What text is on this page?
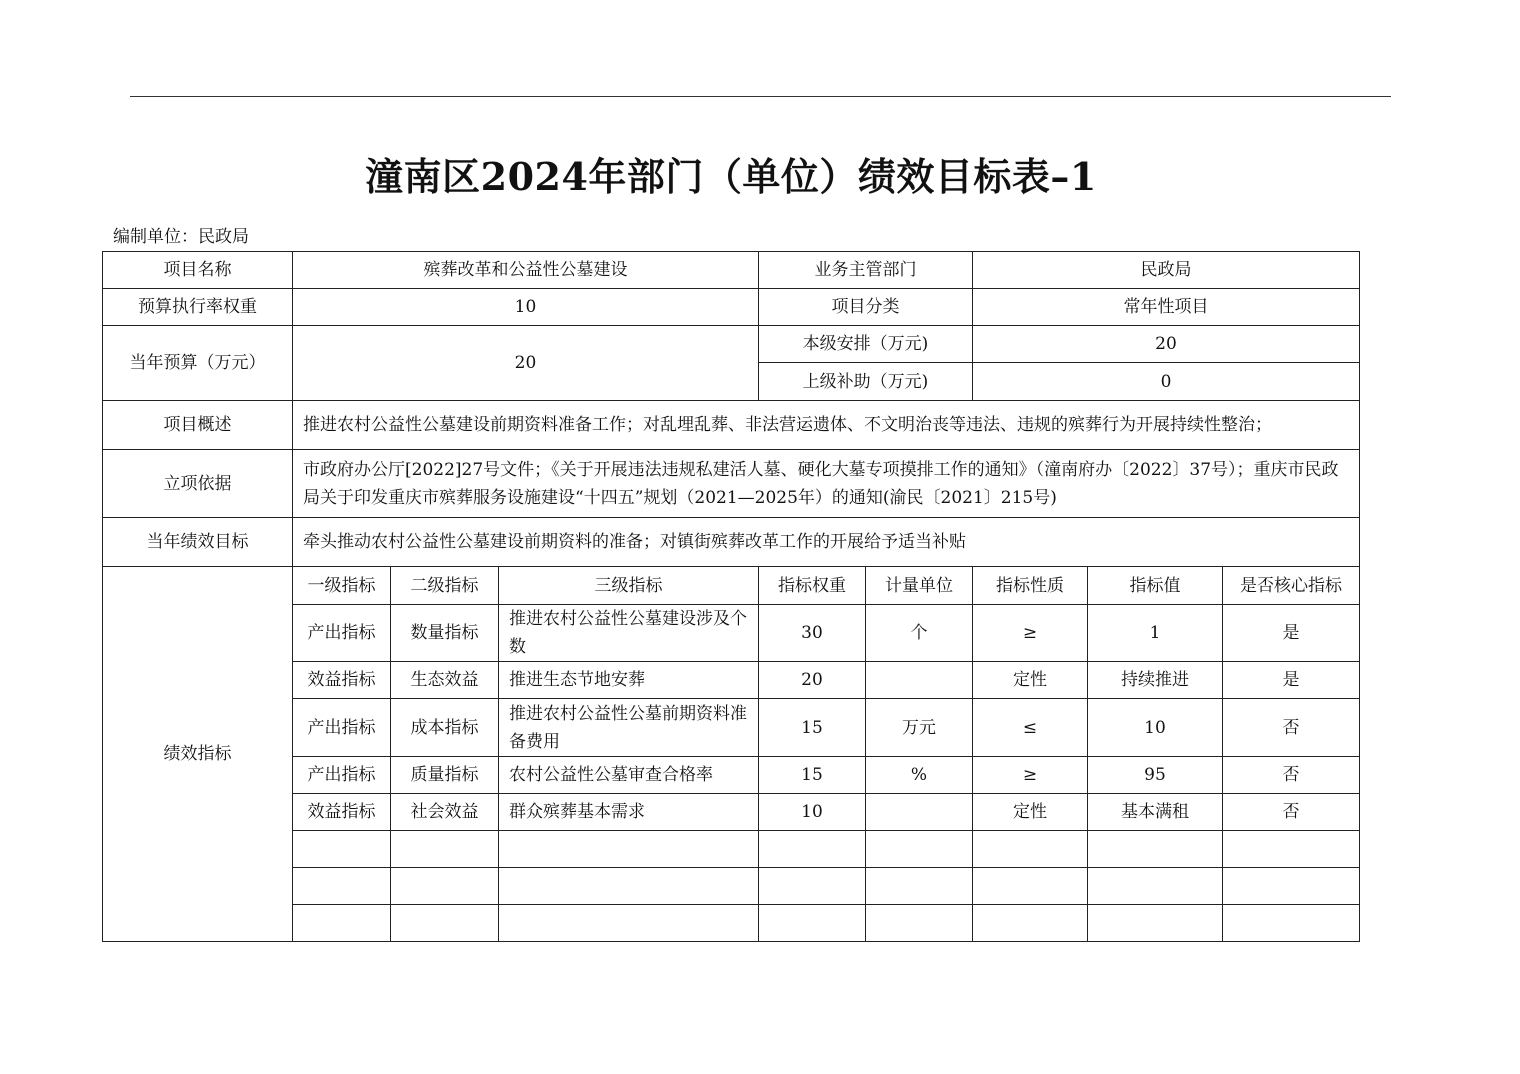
潼南区2024年部门（单位）绩效目标表–1
编制单位：民政局
项目名称	殡葬改革和公益性公墓建设			业务主管部门		民政局		
预算执行率权重	10			项目分类		常年性项目		
当年预算（万元）	20			本级安排（万元)		20		
				上级补助（万元)		0		
项目概述	推进农村公益性公墓建设前期资料准备工作；对乱埋乱葬、非法营运遗体、不文明治丧等违法、违规的殡葬行为开展持续性整治；							
立项依据	市政府办公厅[2022]27号文件；《关于开展违法违规私建活人墓、硬化大墓专项摸排工作的通知》（潼南府办〔2022〕37号）；重庆市民政局关于印发重庆市殡葬服务设施建设“十四五”规划（2021—2025年）的通知(渝民〔2021〕215号)							
当年绩效目标	牵头推动农村公益性公墓建设前期资料的准备；对镇街殡葬改革工作的开展给予适当补贴							
绩效指标	一级指标	二级指标	三级指标	指标权重	计量单位	指标性质	指标值	是否核心指标
	产出指标	数量指标	推进农村公益性公墓建设涉及个数	30	个	≥	1	是
	效益指标	生态效益	推进生态节地安葬	20		定性	持续推进	是
	产出指标	成本指标	推进农村公益性公墓前期资料准备费用	15	万元	≤	10	否
	产出指标	质量指标	农村公益性公墓审查合格率	15	%	≥	95	否
	效益指标	社会效益	群众殡葬基本需求	10		定性	基本满租	否
